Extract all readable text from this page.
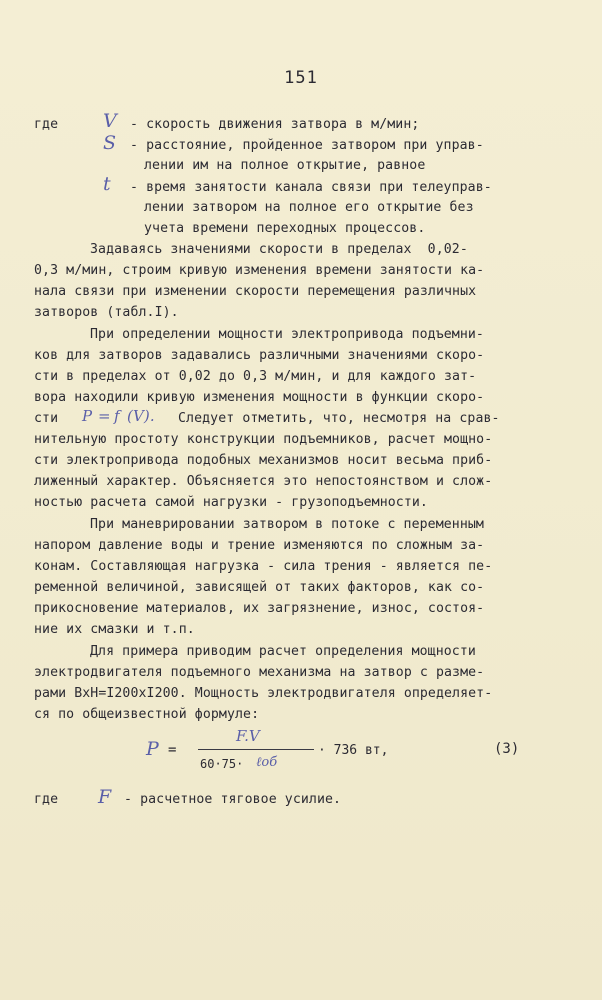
151
где V - скорость движения затвора в м/мин;
S - расстояние, пройденное затвором при управ-
лении им на полное открытие, равное
t - время занятости канала связи при телеуправ-
лении затвором на полное его открытие без
учета времени переходных процессов.
Задаваясь значениями скорости в пределах  0,02-
0,3 м/мин, строим кривую изменения времени занятости ка-
нала связи при изменении скорости перемещения различных
затворов (табл.I).
При определении мощности электропривода подъемни-
ков для затворов задавались различными значениями скоро-
сти в пределах от 0,02 до 0,3 м/мин, и для каждого зат-
вора находили кривую изменения мощности в функции скоро-
сти P = f (V). Следует отметить, что, несмотря на срав-
нительную простоту конструкции подъемников, расчет мощно-
сти электропривода подобных механизмов носит весьма приб-
лиженный характер. Объясняется это непостоянством и слож-
ностью расчета самой нагрузки - грузоподъемности.
При маневрировании затвором в потоке с переменным
напором давление воды и трение изменяются по сложным за-
конам. Составляющая нагрузка - сила трения - является пе-
ременной величиной, зависящей от таких факторов, как со-
прикосновение материалов, их загрязнение, износ, состоя-
ние их смазки и т.п.
Для примера приводим расчет определения мощности
электродвигателя подъемного механизма на затвор с разме-
рами ВхН=I200хI200. Мощность электродвигателя определяет-
ся по общеизвестной формуле:
P =
F.V
60·75· ℓоб
· 736 вт,	(3)
где F - расчетное тяговое усилие.
